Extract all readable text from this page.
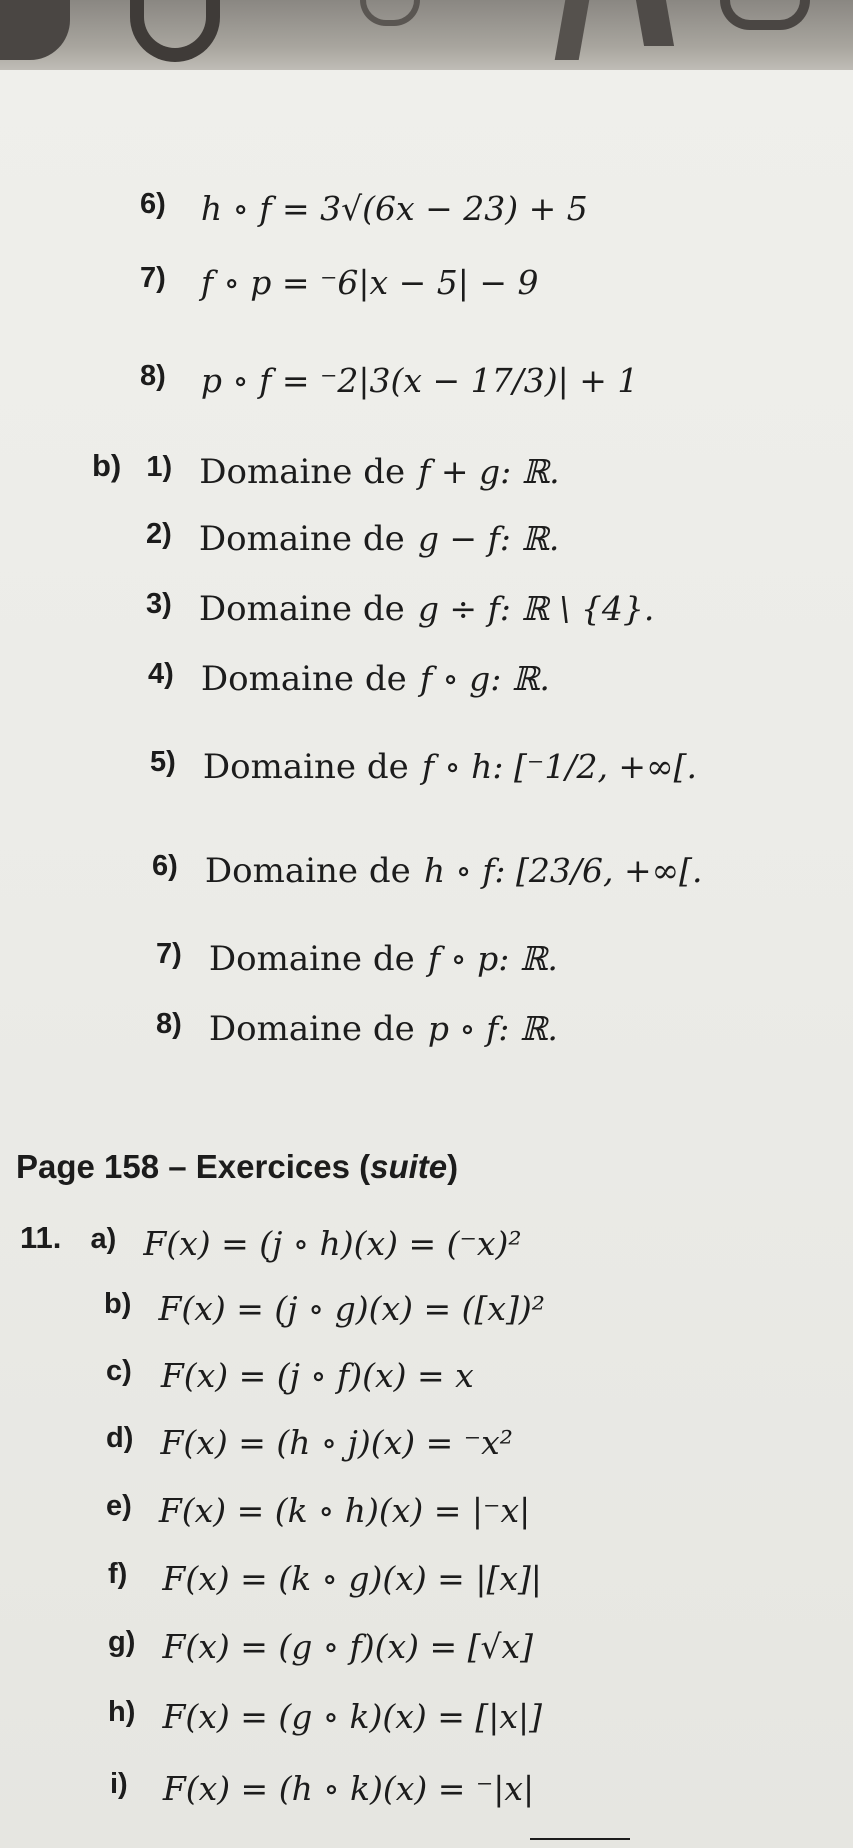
6) h ∘ f = 3√(6x − 23) + 5
7) f ∘ p = ⁻6|x − 5| − 9
8) p ∘ f = ⁻2|3(x − 17/3)| + 1
b) 1) Domaine de f + g: ℝ.
2) Domaine de g − f: ℝ.
3) Domaine de g ÷ f: ℝ \ {4}.
4) Domaine de f ∘ g: ℝ.
5) Domaine de f ∘ h: [⁻1/2, +∞[.
6) Domaine de h ∘ f: [23/6, +∞[.
7) Domaine de f ∘ p: ℝ.
8) Domaine de p ∘ f: ℝ.
Page 158 – Exercices (suite)
11. a) F(x) = (j ∘ h)(x) = (⁻x)²
b) F(x) = (j ∘ g)(x) = ([x])²
c) F(x) = (j ∘ f)(x) = x
d) F(x) = (h ∘ j)(x) = ⁻x²
e) F(x) = (k ∘ h)(x) = |⁻x|
f) F(x) = (k ∘ g)(x) = |[x]|
g) F(x) = (g ∘ f)(x) = [√x]
h) F(x) = (g ∘ k)(x) = [|x|]
i) F(x) = (h ∘ k)(x) = ⁻|x|
